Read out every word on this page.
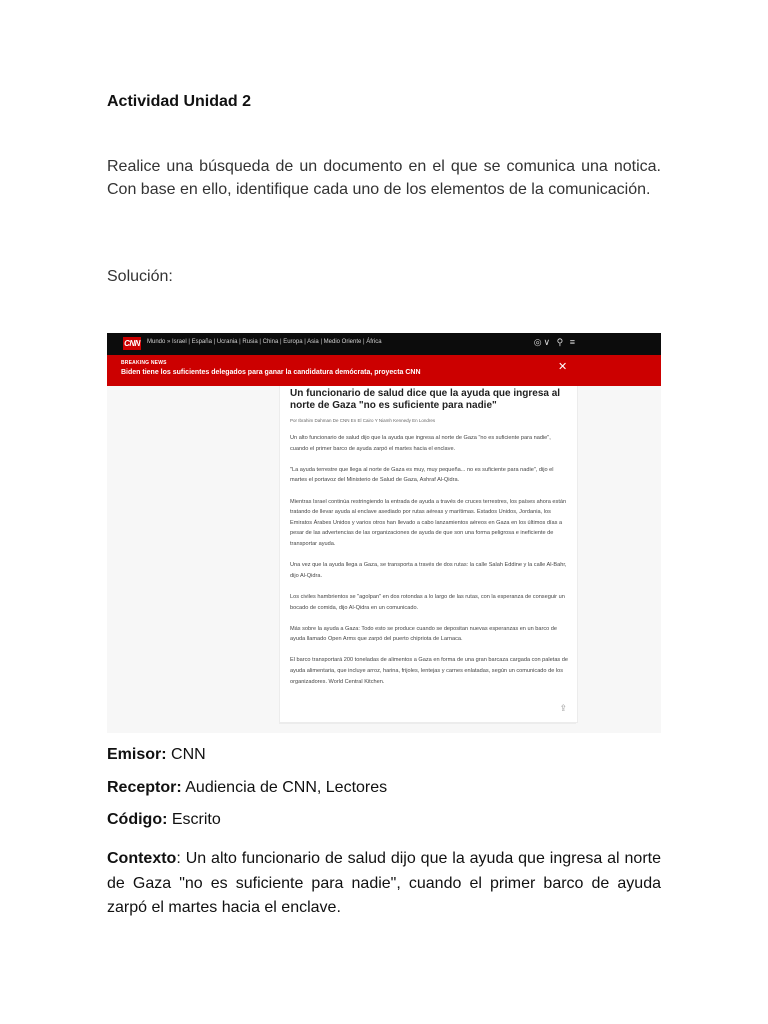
Actividad Unidad 2
Realice una búsqueda de un documento en el que se comunica una notica. Con base en ello, identifique cada uno de los elementos de la comunicación.
Solución:
CNN Mundo » Israel | España | Ucrania | Rusia | China | Europa | Asia | Medio Oriente | África	◎∨ ⚲ ≡
BREAKING NEWS
Biden tiene los suficientes delegados para ganar la candidatura demócrata, proyecta CNN	✕
Un funcionario de salud dice que la ayuda que ingresa al norte de Gaza "no es suficiente para nadie"
Por Ibrahim Dahman De CNN En El Cairo Y Niamh Kennedy En Londres

Un alto funcionario de salud dijo que la ayuda que ingresa al norte de Gaza "no es suficiente para nadie", cuando el primer barco de ayuda zarpó el martes hacia el enclave.

"La ayuda terrestre que llega al norte de Gaza es muy, muy pequeña... no es suficiente para nadie", dijo el martes el portavoz del Ministerio de Salud de Gaza, Ashraf Al-Qidra.

Mientras Israel continúa restringiendo la entrada de ayuda a través de cruces terrestres, los países ahora están tratando de llevar ayuda al enclave asediado por rutas aéreas y marítimas. Estados Unidos, Jordania, los Emiratos Árabes Unidos y varios otros han llevado a cabo lanzamientos aéreos en Gaza en los últimos días a pesar de las advertencias de las organizaciones de ayuda de que son una forma peligrosa e ineficiente de transportar ayuda.

Una vez que la ayuda llega a Gaza, se transporta a través de dos rutas: la calle Salah Eddine y la calle Al-Bahr, dijo Al-Qidra.

Los civiles hambrientos se "agolpan" en dos rotondas a lo largo de las rutas, con la esperanza de conseguir un bocado de comida, dijo Al-Qidra en un comunicado.

Más sobre la ayuda a Gaza: Todo esto se produce cuando se depositan nuevas esperanzas en un barco de ayuda llamado Open Arms que zarpó del puerto chipriota de Larnaca.

El barco transportará 200 toneladas de alimentos a Gaza en forma de una gran barcaza cargada con paletas de ayuda alimentaria, que incluye arroz, harina, frijoles, lentejas y carnes enlatadas, según un comunicado de los organizadores. World Central Kitchen.

⇪
Emisor: CNN
Receptor: Audiencia de CNN, Lectores
Código: Escrito
Contexto: Un alto funcionario de salud dijo que la ayuda que ingresa al norte de Gaza "no es suficiente para nadie", cuando el primer barco de ayuda zarpó el martes hacia el enclave.
